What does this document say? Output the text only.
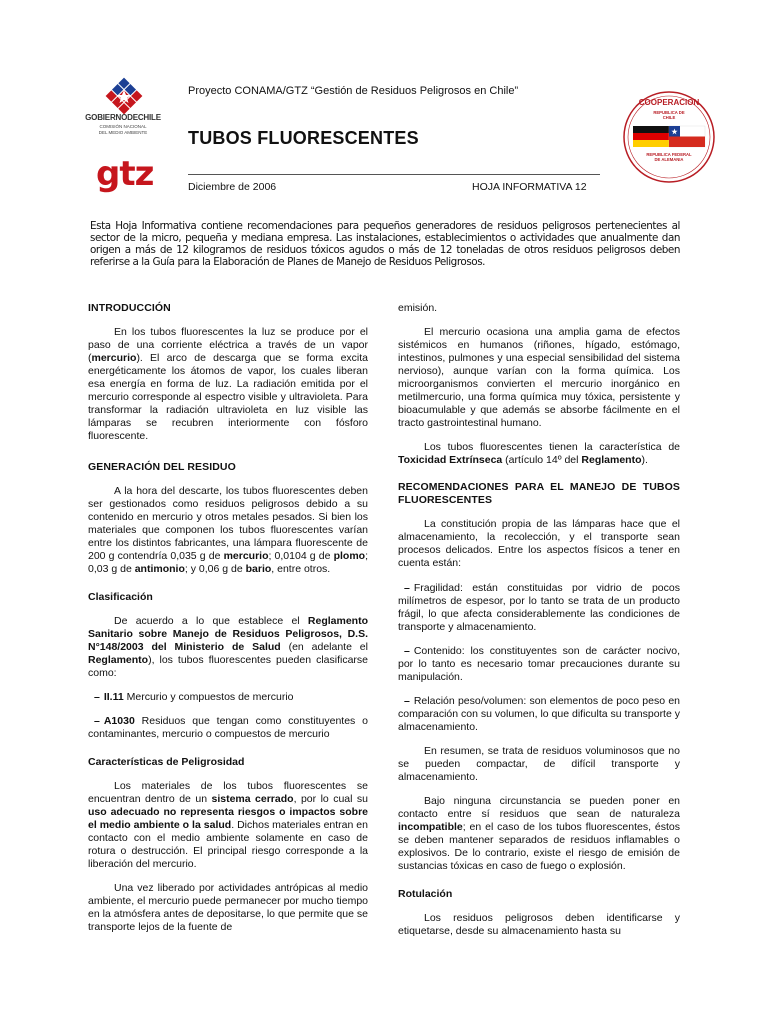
GOBIERNODECHILE
COMISIÓN NACIONAL
DEL MEDIO AMBIENTE
gtz
Proyecto CONAMA/GTZ “Gestión de Residuos Peligrosos en Chile”
TUBOS FLUORESCENTES
Diciembre de 2006	HOJA INFORMATIVA 12
COOPERACION
REPUBLICA DE
CHILE
REPUBLICA FEDERAL
DE ALEMANIA
Esta Hoja Informativa contiene recomendaciones para pequeños generadores de residuos peligrosos pertenecientes al sector de la micro, pequeña y mediana empresa. Las instalaciones, establecimientos o actividades que anualmente dan origen a más de 12 kilogramos de residuos tóxicos agudos o más de 12 toneladas de otros residuos peligrosos deben referirse a la Guía para la Elaboración de Planes de Manejo de Residuos Peligrosos.
INTRODUCCIÓN

En los tubos fluorescentes la luz se produce por el paso de una corriente eléctrica a través de un vapor (mercurio). El arco de descarga que se forma excita energéticamente los átomos de vapor, los cuales liberan esa energía en forma de luz. La radiación emitida por el mercurio corresponde al espectro visible y ultravioleta. Para transformar la radiación ultravioleta en luz visible las lámparas se recubren interiormente con fósforo fluorescente.

GENERACIÓN DEL RESIDUO

A la hora del descarte, los tubos fluorescentes deben ser gestionados como residuos peligrosos debido a su contenido en mercurio y otros metales pesados. Si bien los materiales que componen los tubos fluorescentes varían entre los distintos fabricantes, una lámpara fluorescente de 200 g contendría 0,035 g de mercurio; 0,0104 g de plomo; 0,03 g de antimonio; y 0,06 g de bario, entre otros.

Clasificación

De acuerdo a lo que establece el Reglamento Sanitario sobre Manejo de Residuos Peligrosos, D.S. N°148/2003 del Ministerio de Salud (en adelante el Reglamento), los tubos fluorescentes pueden clasificarse como:

– II.11 Mercurio y compuestos de mercurio
– A1030 Residuos que tengan como constituyentes o contaminantes, mercurio o compuestos de mercurio
Características de Peligrosidad

Los materiales de los tubos fluorescentes se encuentran dentro de un sistema cerrado, por lo cual su uso adecuado no representa riesgos o impactos sobre el medio ambiente o la salud. Dichos materiales entran en contacto con el medio ambiente solamente en caso de rotura o destrucción. El principal riesgo corresponde a la liberación del mercurio.

Una vez liberado por actividades antrópicas al medio ambiente, el mercurio puede permanecer por mucho tiempo en la atmósfera antes de depositarse, lo que permite que se transporte lejos de la fuente de

emisión.

El mercurio ocasiona una amplia gama de efectos sistémicos en humanos (riñones, hígado, estómago, intestinos, pulmones y una especial sensibilidad del sistema nervioso), aunque varían con la forma química. Los microorganismos convierten el mercurio inorgánico en metilmercurio, una forma química muy tóxica, persistente y bioacumulable y que además se absorbe fácilmente en el tracto gastrointestinal humano.

Los tubos fluorescentes tienen la característica de Toxicidad Extrínseca (artículo 14º del Reglamento).

RECOMENDACIONES PARA EL MANEJO DE TUBOS FLUORESCENTES

La constitución propia de las lámparas hace que el almacenamiento, la recolección, y el transporte sean procesos delicados. Entre los aspectos físicos a tener en cuenta están:

– Fragilidad: están constituidas por vidrio de pocos milímetros de espesor, por lo tanto se trata de un producto frágil, lo que afecta considerablemente las condiciones de transporte y almacenamiento.
– Contenido: los constituyentes son de carácter nocivo, por lo tanto es necesario tomar precauciones durante su manipulación.
– Relación peso/volumen: son elementos de poco peso en comparación con su volumen, lo que dificulta su transporte y almacenamiento.

En resumen, se trata de residuos voluminosos que no se pueden compactar, de difícil transporte y almacenamiento.

Bajo ninguna circunstancia se pueden poner en contacto entre sí residuos que sean de naturaleza incompatible; en el caso de los tubos fluorescentes, éstos se deben mantener separados de residuos inflamables o explosivos. De lo contrario, existe el riesgo de emisión de sustancias tóxicas en caso de fuego o explosión.

Rotulación

Los residuos peligrosos deben identificarse y etiquetarse, desde su almacenamiento hasta su
